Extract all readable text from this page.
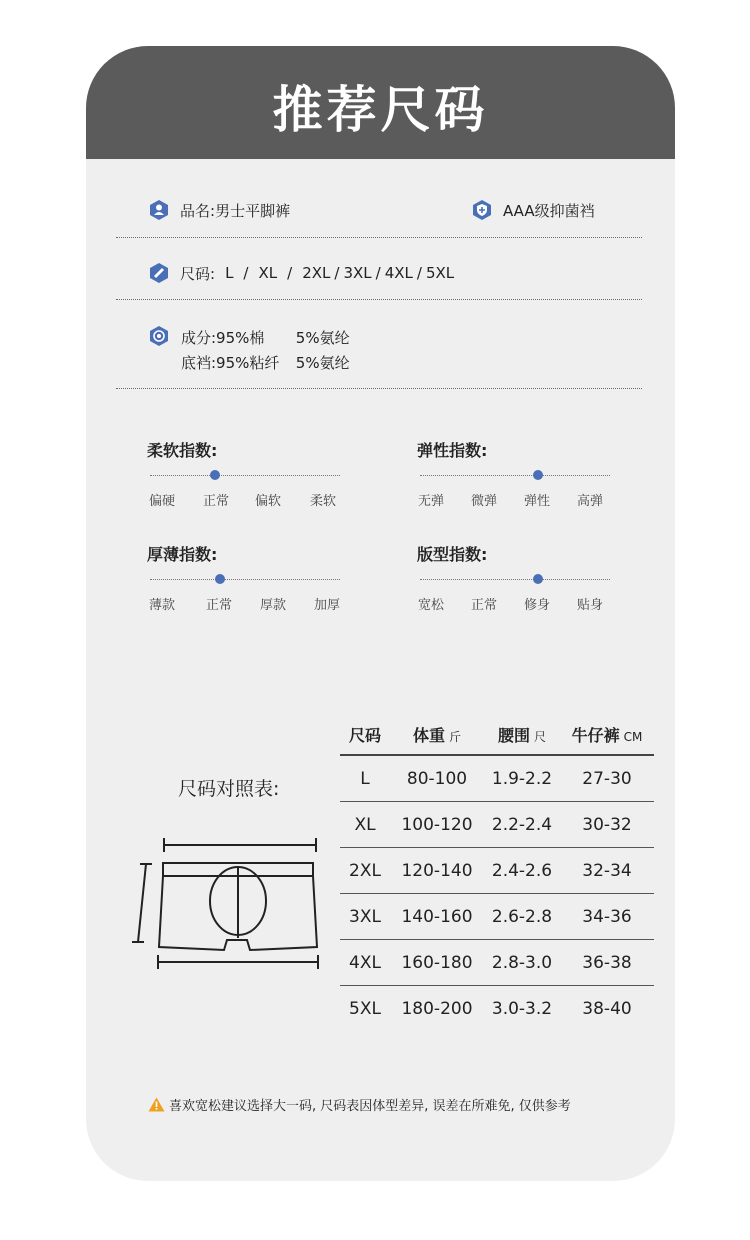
推荐尺码
品名: 男士平脚裤	AAA级抑菌裆
尺码: L / XL / 2XL / 3XL / 4XL / 5XL
成分:95%棉 5%氨纶
底裆:95%粘纤 5%氨纶
柔软指数:
偏硬 正常 偏软 柔软
弹性指数:
无弹 微弹 弹性 高弹
厚薄指数:
薄款 正常 厚款 加厚
版型指数:
宽松 正常 修身 贴身
尺码对照表:
尺码	体重 斤	腰围 尺	牛仔裤 CM
L	80-100	1.9-2.2	27-30
XL	100-120	2.2-2.4	30-32
2XL	120-140	2.4-2.6	32-34
3XL	140-160	2.6-2.8	34-36
4XL	160-180	2.8-3.0	36-38
5XL	180-200	3.0-3.2	38-40
喜欢宽松建议选择大一码, 尺码表因体型差异, 误差在所难免, 仅供参考
